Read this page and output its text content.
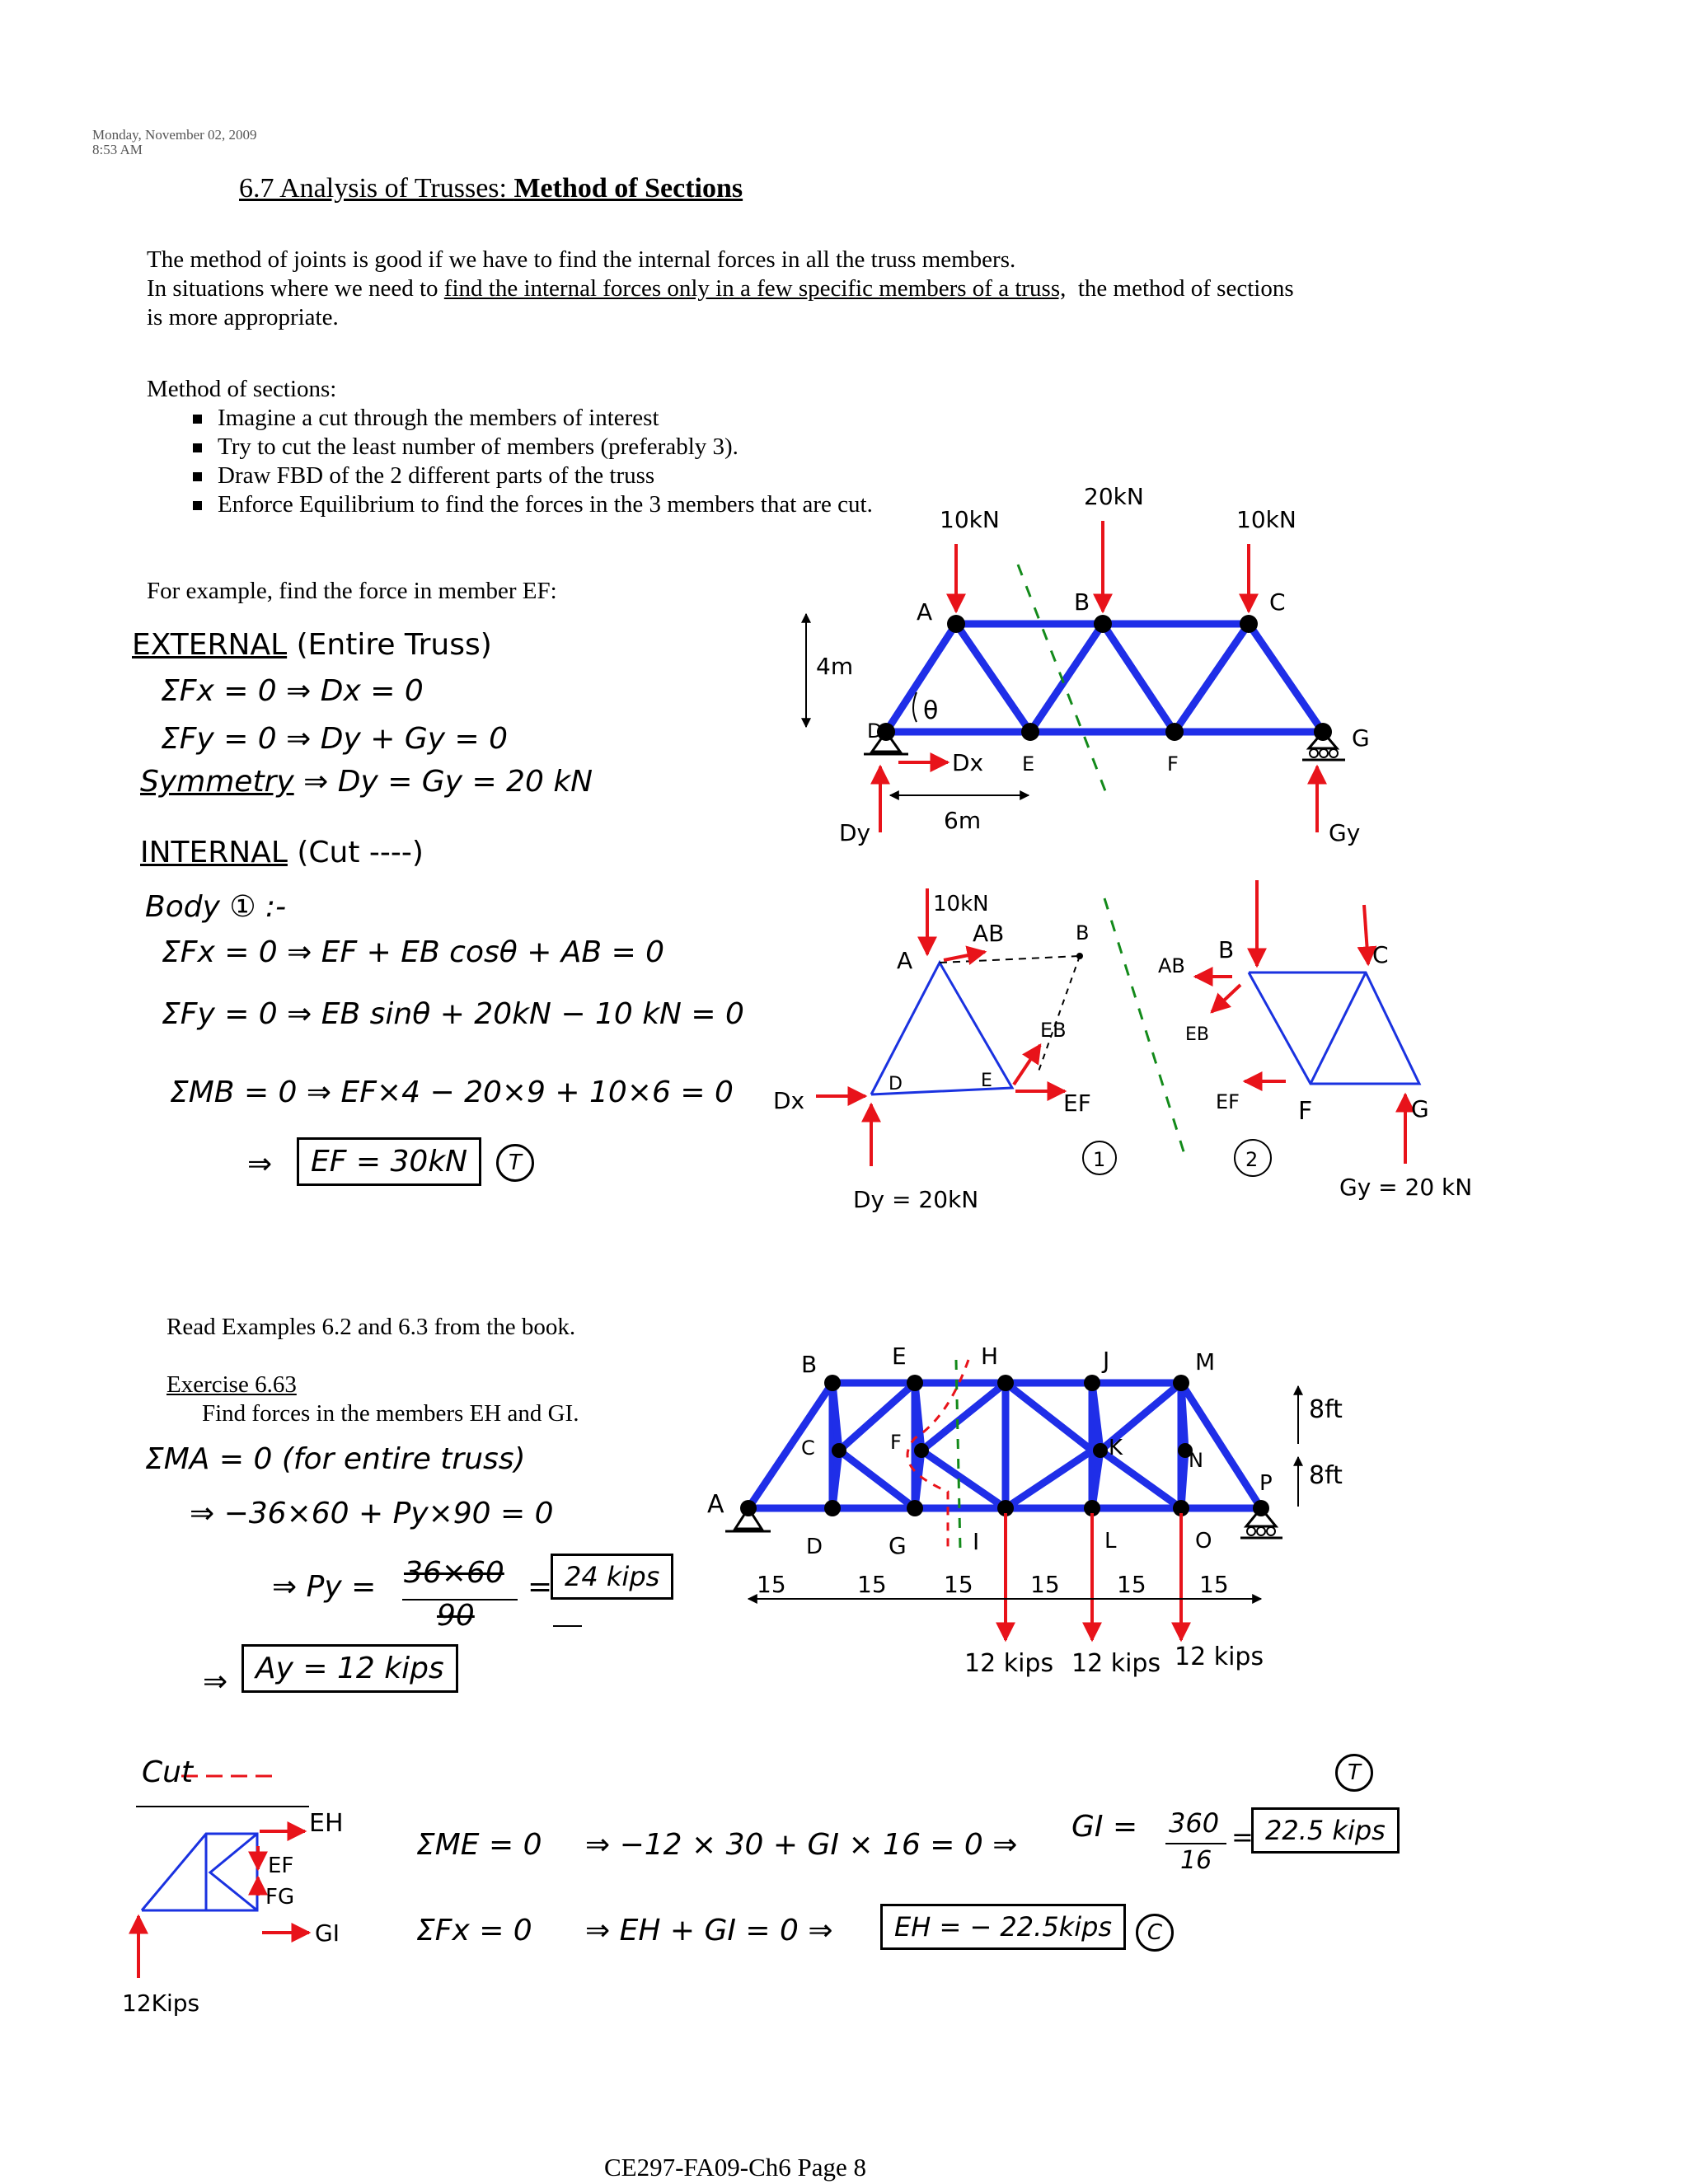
Monday, November 02, 2009
8:53 AM
6.7 Analysis of Trusses: Method of Sections
The method of joints is good if we have to find the internal forces in all the truss members.
In situations where we need to find the internal forces only in a few specific members of a truss,  the method of sections
is more appropriate.
Method of sections:
Imagine a cut through the members of interest
Try to cut the least number of members (preferably 3).
Draw FBD of the 2 different parts of the truss
Enforce Equilibrium to find the forces in the 3 members that are cut.
For example, find the force in member EF:
EXTERNAL (Entire Truss)
ΣFx = 0 ⇒ Dx = 0
ΣFy = 0 ⇒ Dy + Gy = 0
Symmetry ⇒ Dy = Gy = 20 kN
INTERNAL (Cut ----)
Body ① :-
ΣFx = 0 ⇒ EF + EB cosθ + AB = 0
ΣFy = 0 ⇒ EB sinθ + 20kN − 10 kN = 0
ΣMB = 0 ⇒ EF×4 − 20×9 + 10×6 = 0
⇒	EF = 30kN	T
10kN
20kN
10kN
A	B	C
D
E	F
G
4m
6m
θ
Dx
Dy	Gy
10kN
A
B
D	E
AB
EB
EF
Dx
Dy = 20kN
1
B	C
F
AB
EB
EF	G
Gy = 20 kN
2
B	E	H	J	M
C	F	K	N
A
D	G	I	L	O
P
15	15 15 15 15 15
8ft
8ft
12 kips 12 kips 12 kips
EH
EF
FG
GI
12Kips
Read Examples 6.2 and 6.3 from the book.
Exercise 6.63
Find forces in the members EH and GI.
ΣMA = 0 (for entire truss)
⇒ −36×60 + Py×90 = 0
⇒ Py = 36×60
90
= 24 kips
⇒ Ay = 12 kips
Cut
ΣME = 0 ⇒ −12 × 30 + GI × 16 = 0 ⇒
GI = 360
16
= 22.5 kips
T
ΣFx = 0 ⇒ EH + GI = 0 ⇒	EH = − 22.5kips	C
CE297-FA09-Ch6 Page 8
